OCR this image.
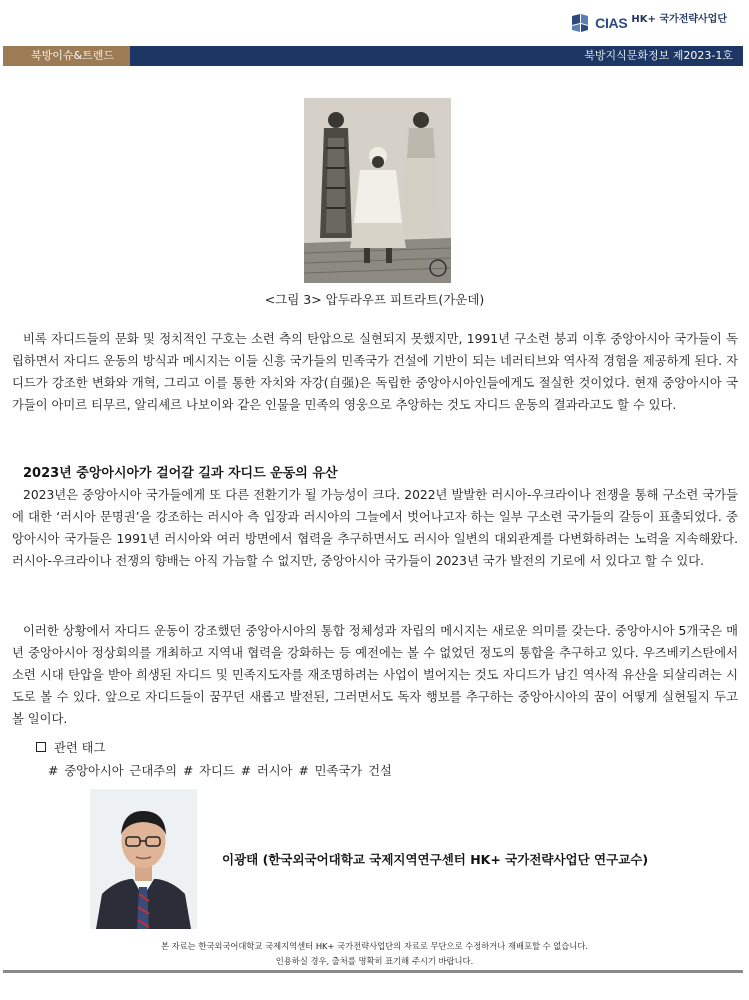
CIAS HK+ 국가전략사업단

북방이슈&트렌드	북방지식문화정보 제2023-1호
<그림 3> 압두라우프 피트라트(가운데)

비록 자디드들의 문화 및 정치적인 구호는 소련 측의 탄압으로 실현되지 못했지만, 1991년 구소련 붕괴 이후 중앙아시아 국가들이 독립하면서 자디드 운동의 방식과 메시지는 이들 신흥 국가들의 민족국가 건설에 기반이 되는 네러티브와 역사적 경험을 제공하게 된다. 자디드가 강조한 변화와 개혁, 그리고 이를 통한 자치와 자강(自强)은 독립한 중앙아시아인들에게도 절실한 것이었다. 현재 중앙아시아 국가들이 아미르 티무르, 알리셰르 나보이와 같은 인물을 민족의 영웅으로 추앙하는 것도 자디드 운동의 결과라고도 할 수 있다.

2023년 중앙아시아가 걸어갈 길과 자디드 운동의 유산

2023년은 중앙아시아 국가들에게 또 다른 전환기가 될 가능성이 크다. 2022년 발발한 러시아-우크라이나 전쟁을 통해 구소련 국가들에 대한 ‘러시아 문명권’을 강조하는 러시아 측 입장과 러시아의 그늘에서 벗어나고자 하는 일부 구소련 국가들의 갈등이 표출되었다. 중앙아시아 국가들은 1991년 러시아와 여러 방면에서 협력을 추구하면서도 러시아 일변의 대외관계를 다변화하려는 노력을 지속해왔다. 러시아-우크라이나 전쟁의 향배는 아직 가늠할 수 없지만, 중앙아시아 국가들이 2023년 국가 발전의 기로에 서 있다고 할 수 있다.

이러한 상황에서 자디드 운동이 강조했던 중앙아시아의 통합 정체성과 자립의 메시지는 새로운 의미를 갖는다. 중앙아시아 5개국은 매년 중앙아시아 정상회의를 개최하고 지역내 협력을 강화하는 등 예전에는 볼 수 없었던 정도의 통합을 추구하고 있다. 우즈베키스탄에서 소련 시대 탄압을 받아 희생된 자디드 및 민족지도자를 재조명하려는 사업이 벌어지는 것도 자디드가 남긴 역사적 유산을 되살리려는 시도로 볼 수 있다. 앞으로 자디드들이 꿈꾸던 새롭고 발전된, 그러면서도 독자 행보를 추구하는 중앙아시아의 꿈이 어떻게 실현될지 두고 볼 일이다.

관련 태그
# 중앙아시아 근대주의 # 자디드 # 러시아 # 민족국가 건설
이광태 (한국외국어대학교 국제지역연구센터 HK+ 국가전략사업단 연구교수)
본 자료는 한국외국어대학교 국제지역센터 HK+ 국가전략사업단의 자료로 무단으로 수정하거나 재배포할 수 없습니다.
인용하실 경우, 출처를 명확히 표기해 주시기 바랍니다.
